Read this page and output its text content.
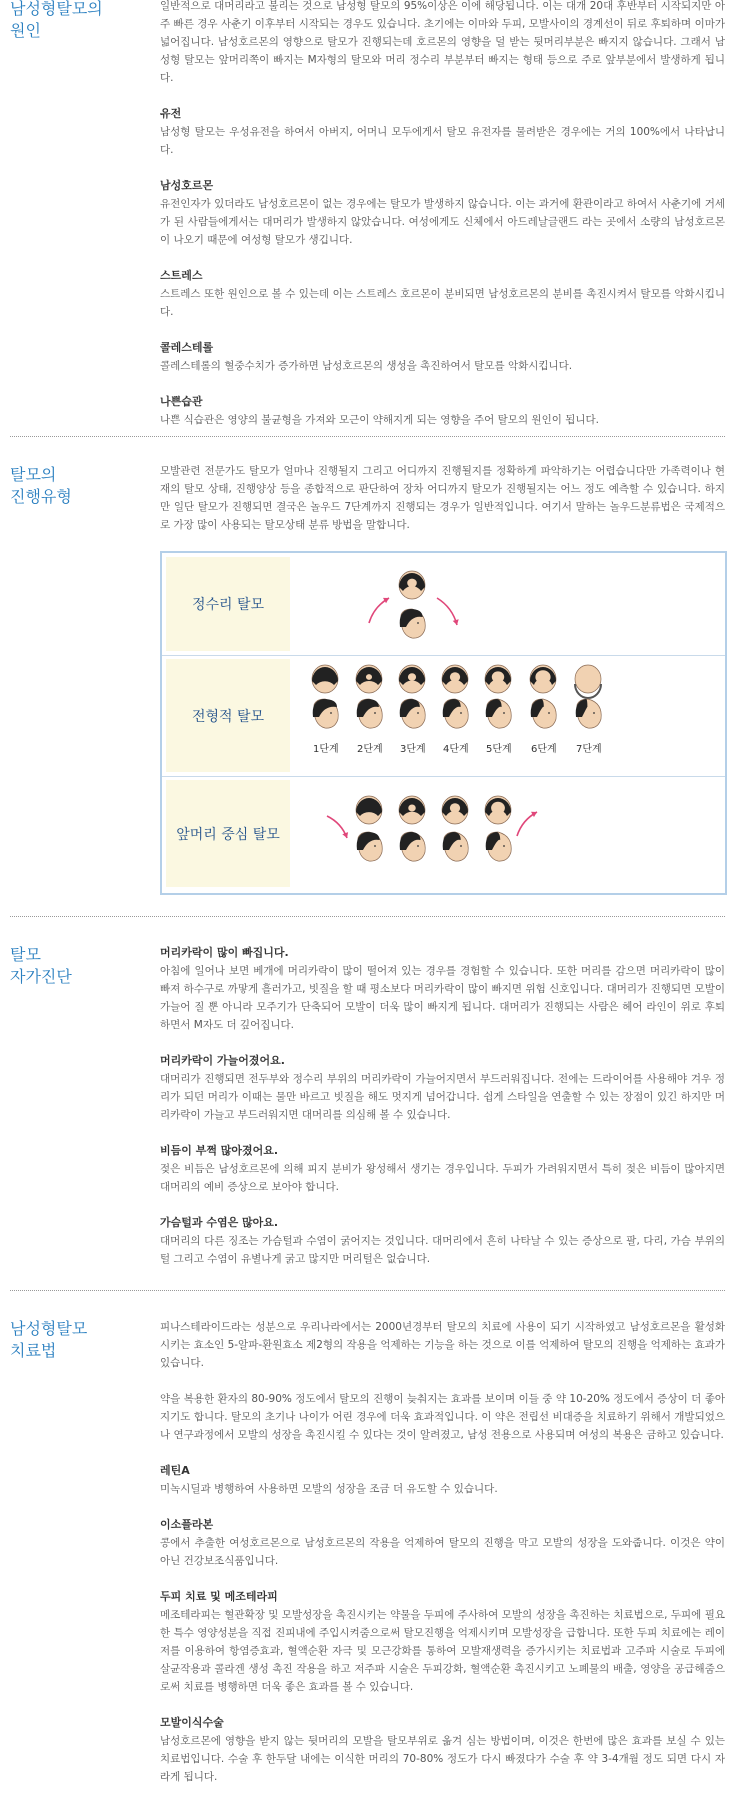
남성형탈모의
원인

일반적으로 대머리라고 불리는 것으로 남성형 탈모의 95%이상은 이에 해당됩니다. 이는 대개 20대 후반부터 시작되지만 아주 빠른 경우 사춘기 이후부터 시작되는 경우도 있습니다. 초기에는 이마와 두피, 모발사이의 경계선이 뒤로 후퇴하며 이마가 넓어집니다. 남성호르몬의 영향으로 탈모가 진행되는데 호르몬의 영향을 덜 받는 뒷머리부분은 빠지지 않습니다. 그래서 남성형 탈모는 앞머리쪽이 빠지는 M자형의 탈모와 머리 정수리 부분부터 빠지는 형태 등으로 주로 앞부분에서 발생하게 됩니다.

유전

남성형 탈모는 우성유전을 하여서 아버지, 어머니 모두에게서 탈모 유전자를 물려받은 경우에는 거의 100%에서 나타납니다.

남성호르몬

유전인자가 있더라도 남성호르몬이 없는 경우에는 탈모가 발생하지 않습니다. 이는 과거에 환관이라고 하여서 사춘기에 거세가 된 사람들에게서는 대머리가 발생하지 않았습니다. 여성에게도 신체에서 아드레날글랜드 라는 곳에서 소량의 남성호르몬이 나오기 때문에 여성형 탈모가 생깁니다.

스트레스

스트레스 또한 원인으로 볼 수 있는데 이는 스트레스 호르몬이 분비되면 남성호르몬의 분비를 촉진시켜서 탈모를 악화시킵니다.

콜레스테롤

콜레스테롤의 혈중수치가 증가하면 남성호르몬의 생성을 촉진하여서 탈모를 악화시킵니다.

나쁜습관

나쁜 식습관은 영양의 불균형을 가져와 모근이 약해지게 되는 영향을 주어 탈모의 원인이 됩니다.

탈모의
진행유형

모발관련 전문가도 탈모가 얼마나 진행될지 그리고 어디까지 진행될지를 정확하게 파악하기는 어렵습니다만 가족력이나 현재의 탈모 상태, 진행양상 등을 종합적으로 판단하여 장차 어디까지 탈모가 진행될지는 어느 정도 예측할 수 있습니다. 하지만 일단 탈모가 진행되면 결국은 놀우드 7단계까지 진행되는 경우가 일반적입니다. 여기서 말하는 놀우드분류법은 국제적으로 가장 많이 사용되는 탈모상태 분류 방법을 말합니다.

정수리 탈모
전형적 탈모
1단계 2단계 3단계 4단계 5단계 6단계 7단계
앞머리 중심 탈모
탈모
자가진단
머리카락이 많이 빠집니다.

아침에 일어나 보면 베개에 머리카락이 많이 떨어져 있는 경우를 경험할 수 있습니다. 또한 머리를 감으면 머리카락이 많이 빠져 하수구로 까맣게 흘러가고, 빗질을 할 때 평소보다 머리카락이 많이 빠지면 위험 신호입니다. 대머리가 진행되면 모발이 가늘어 질 뿐 아니라 모주기가 단축되어 모발이 더욱 많이 빠지게 됩니다. 대머리가 진행되는 사람은 헤어 라인이 위로 후퇴하면서 M자도 더 깊어집니다.

머리카락이 가늘어졌어요.

대머리가 진행되면 전두부와 정수리 부위의 머리카락이 가늘어지면서 부드러워집니다. 전에는 드라이어를 사용해야 겨우 정리가 되던 머리가 이때는 물만 바르고 빗질을 해도 멋지게 넘어갑니다. 쉽게 스타일을 연출할 수 있는 장점이 있긴 하지만 머리카락이 가늘고 부드러워지면 대머리를 의심해 볼 수 있습니다.

비듬이 부쩍 많아졌어요.

젖은 비듬은 남성호르몬에 의해 피지 분비가 왕성해서 생기는 경우입니다. 두피가 가려워지면서 특히 젖은 비듬이 많아지면 대머리의 예비 증상으로 보아야 합니다.

가슴털과 수염은 많아요.

대머리의 다른 징조는 가슴털과 수염이 굵어지는 것입니다. 대머리에서 흔히 나타날 수 있는 증상으로 팔, 다리, 가슴 부위의 털 그리고 수염이 유별나게 굵고 많지만 머리털은 없습니다.

남성형탈모
치료법

피나스테라이드라는 성분으로 우리나라에서는 2000년경부터 탈모의 치료에 사용이 되기 시작하였고 남성호르몬을 활성화시키는 효소인 5-알파-환원효소 제2형의 작용을 억제하는 기능을 하는 것으로 이를 억제하여 탈모의 진행을 억제하는 효과가 있습니다.

약을 복용한 환자의 80-90% 정도에서 탈모의 진행이 늦춰지는 효과를 보이며 이들 중 약 10-20% 정도에서 증상이 더 좋아지기도 합니다. 탈모의 초기나 나이가 어린 경우에 더욱 효과적입니다. 이 약은 전립선 비대증을 치료하기 위해서 개발되었으나 연구과정에서 모발의 성장을 촉진시킬 수 있다는 것이 알려졌고, 남성 전용으로 사용되며 여성의 복용은 금하고 있습니다.

레틴A

미녹시딜과 병행하여 사용하면 모발의 성장을 조금 더 유도할 수 있습니다.

이소플라본

콩에서 추출한 여성호르몬으로 남성호르몬의 작용을 억제하여 탈모의 진행을 막고 모발의 성장을 도와줍니다. 이것은 약이 아닌 건강보조식품입니다.

두피 치료 및 메조테라피

메조테라피는 혈관확장 및 모발성장을 촉진시키는 약물을 두피에 주사하여 모발의 성장을 촉진하는 치료법으로, 두피에 필요한 특수 영양성분을 직접 진피내에 주입시켜줌으로써 탈모진행을 억제시키며 모발성장을 급합니다. 또한 두피 치료에는 레이저를 이용하여 항염증효과, 혈액순환 자극 및 모근강화를 통하여 모발재생력을 증가시키는 치료법과 고주파 시술로 두피에 살균작용과 콜라겐 생성 촉진 작용을 하고 저주파 시술은 두피강화, 혈액순환 촉진시키고 노폐물의 배출, 영양을 공급해줌으로써 치료를 병행하면 더욱 좋은 효과를 볼 수 있습니다.

모발이식수술

남성호르몬에 영향을 받지 않는 뒷머리의 모발을 탈모부위로 옮겨 심는 방법이며, 이것은 한번에 많은 효과를 보실 수 있는 치료법입니다. 수술 후 한두달 내에는 이식한 머리의 70-80% 정도가 다시 빠졌다가 수술 후 약 3-4개월 정도 되면 다시 자라게 됩니다.
